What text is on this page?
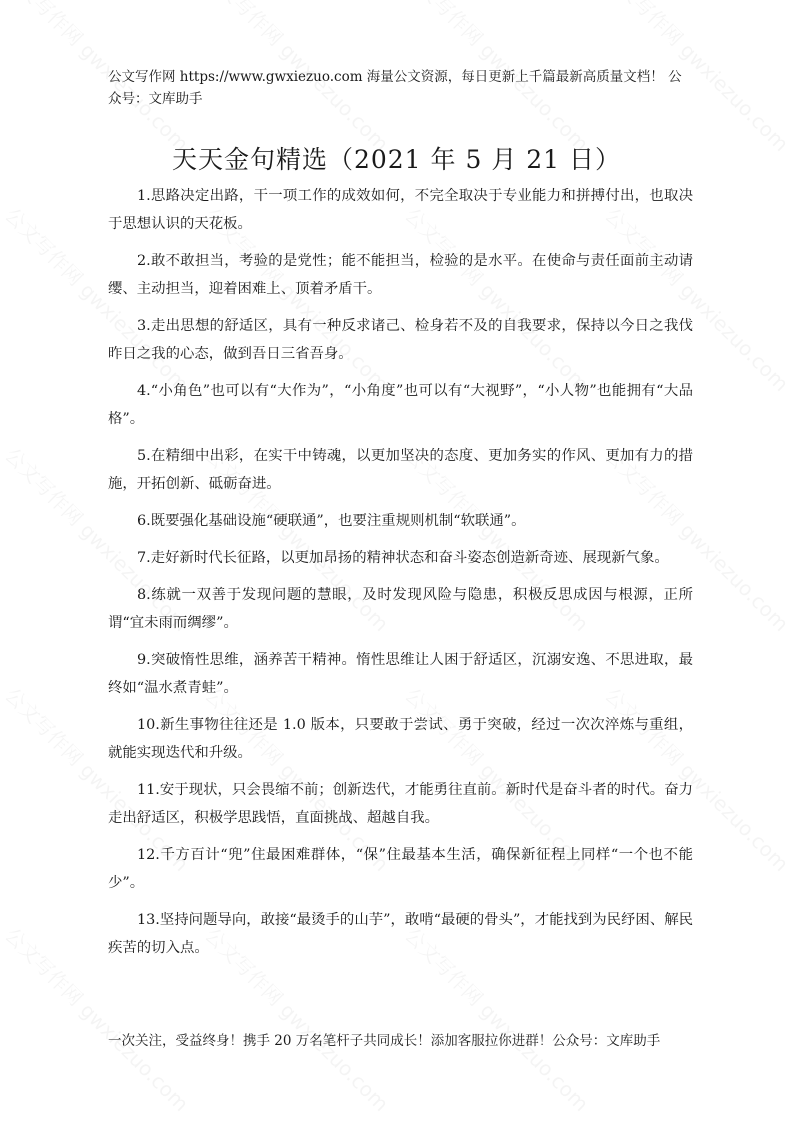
公文写作网 https://www.gwxiezuo.com 海量公文资源，每日更新上千篇最新高质量文档！ 公众号：文库助手
天天金句精选（2021 年 5 月 21 日）

1.思路决定出路，干一项工作的成效如何，不完全取决于专业能力和拼搏付出，也取决于思想认识的天花板。

2.敢不敢担当，考验的是党性；能不能担当，检验的是水平。在使命与责任面前主动请缨、主动担当，迎着困难上、顶着矛盾干。

3.走出思想的舒适区，具有一种反求诸己、检身若不及的自我要求，保持以今日之我伐昨日之我的心态，做到吾日三省吾身。

4.“小角色”也可以有“大作为”，“小角度”也可以有“大视野”，“小人物”也能拥有“大品格”。

5.在精细中出彩，在实干中铸魂，以更加坚决的态度、更加务实的作风、更加有力的措施，开拓创新、砥砺奋进。

6.既要强化基础设施“硬联通”，也要注重规则机制“软联通”。

7.走好新时代长征路，以更加昂扬的精神状态和奋斗姿态创造新奇迹、展现新气象。

8.练就一双善于发现问题的慧眼，及时发现风险与隐患，积极反思成因与根源，正所谓“宜未雨而绸缪”。

9.突破惰性思维，涵养苦干精神。惰性思维让人困于舒适区，沉溺安逸、不思进取，最终如“温水煮青蛙”。

10.新生事物往往还是 1.0 版本，只要敢于尝试、勇于突破，经过一次次淬炼与重组，就能实现迭代和升级。

11.安于现状，只会畏缩不前；创新迭代，才能勇往直前。新时代是奋斗者的时代。奋力走出舒适区，积极学思践悟，直面挑战、超越自我。

12.千方百计“兜”住最困难群体，“保”住最基本生活，确保新征程上同样“一个也不能少”。

13.坚持问题导向，敢接“最烫手的山芋”，敢啃“最硬的骨头”，才能找到为民纾困、解民疾苦的切入点。

一次关注，受益终身！携手 20 万名笔杆子共同成长！添加客服拉你进群！公众号：文库助手
